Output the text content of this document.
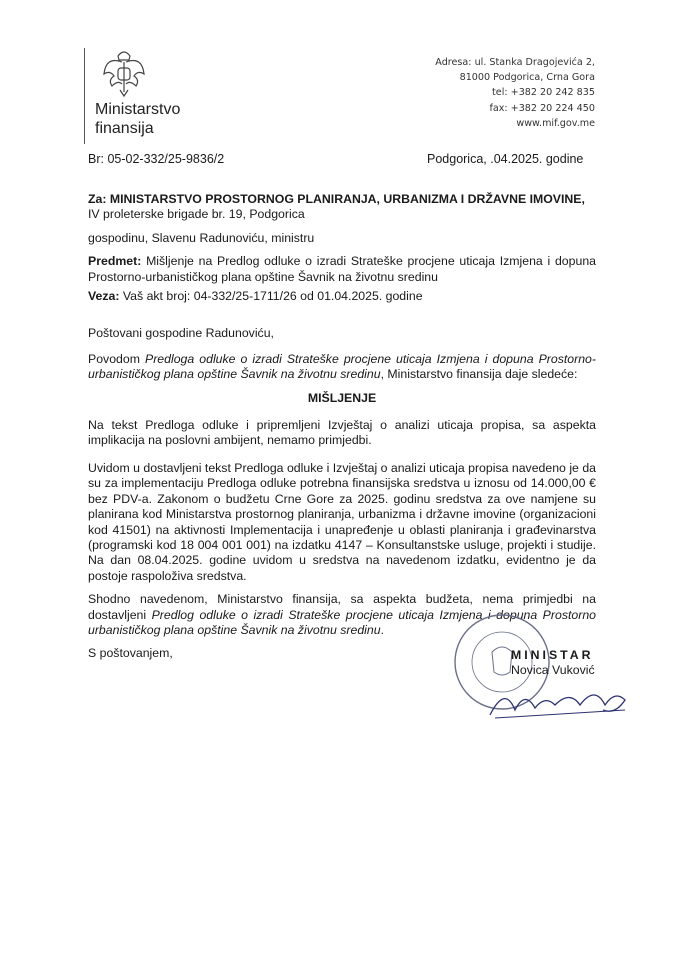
Ministarstvo
finansija
Adresa: ul. Stanka Dragojevića 2,
81000 Podgorica, Crna Gora
tel: +382 20 242 835
fax: +382 20 224 450
www.mif.gov.me
Br: 05-02-332/25-9836/2	Podgorica, .04.2025. godine
Za: MINISTARSTVO PROSTORNOG PLANIRANJA, URBANIZMA I DRŽAVNE IMOVINE,

IV proleterske brigade br. 19, Podgorica

gospodinu, Slavenu Radunoviću, ministru

Predmet: Mišljenje na Predlog odluke o izradi Strateške procjene uticaja Izmjena i dopuna Prostorno-urbanističkog plana opštine Šavnik na životnu sredinu

Veza: Vaš akt broj: 04-332/25-1711/26 od 01.04.2025. godine

Poštovani gospodine Radunoviću,

Povodom Predloga odluke o izradi Strateške procjene uticaja Izmjena i dopuna Prostorno-urbanističkog plana opštine Šavnik na životnu sredinu, Ministarstvo finansija daje sledeće:

MIŠLJENJE

Na tekst Predloga odluke i pripremljeni Izvještaj o analizi uticaja propisa, sa aspekta implikacija na poslovni ambijent, nemamo primjedbi.

Uvidom u dostavljeni tekst Predloga odluke i Izvještaj o analizi uticaja propisa navedeno je da su za implementaciju Predloga odluke potrebna finansijska sredstva u iznosu od 14.000,00 € bez PDV-a. Zakonom o budžetu Crne Gore za 2025. godinu sredstva za ove namjene su planirana kod Ministarstva prostornog planiranja, urbanizma i državne imovine (organizacioni kod 41501) na aktivnosti Implementacija i unapređenje u oblasti planiranja i građevinarstva (programski kod 18 004 001 001) na izdatku 4147 – Konsultanstske usluge, projekti i studije. Na dan 08.04.2025. godine uvidom u sredstva na navedenom izdatku, evidentno je da postoje raspoloživa sredstva.

Shodno navedenom, Ministarstvo finansija, sa aspekta budžeta, nema primjedbi na dostavljeni Predlog odluke o izradi Strateške procjene uticaja Izmjena i dopuna Prostorno urbanističkog plana opštine Šavnik na životnu sredinu.

S poštovanjem,	MINISTAR
Novica Vuković
